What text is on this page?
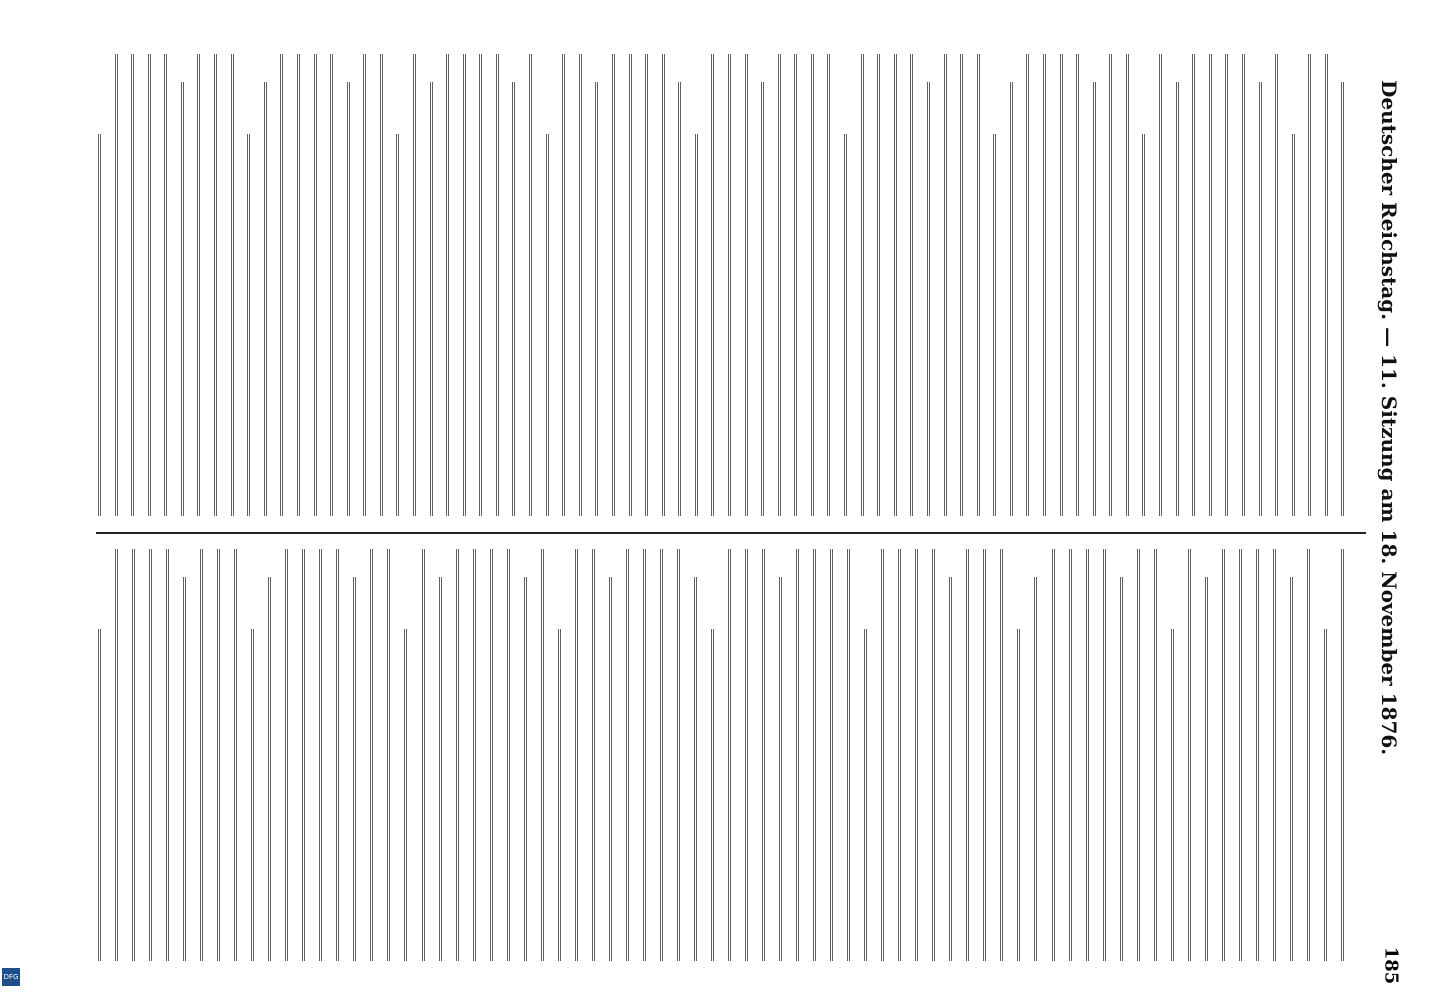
DFG
Deutscher Reichstag. — 11. Sitzung am 18. November 1876.
185
